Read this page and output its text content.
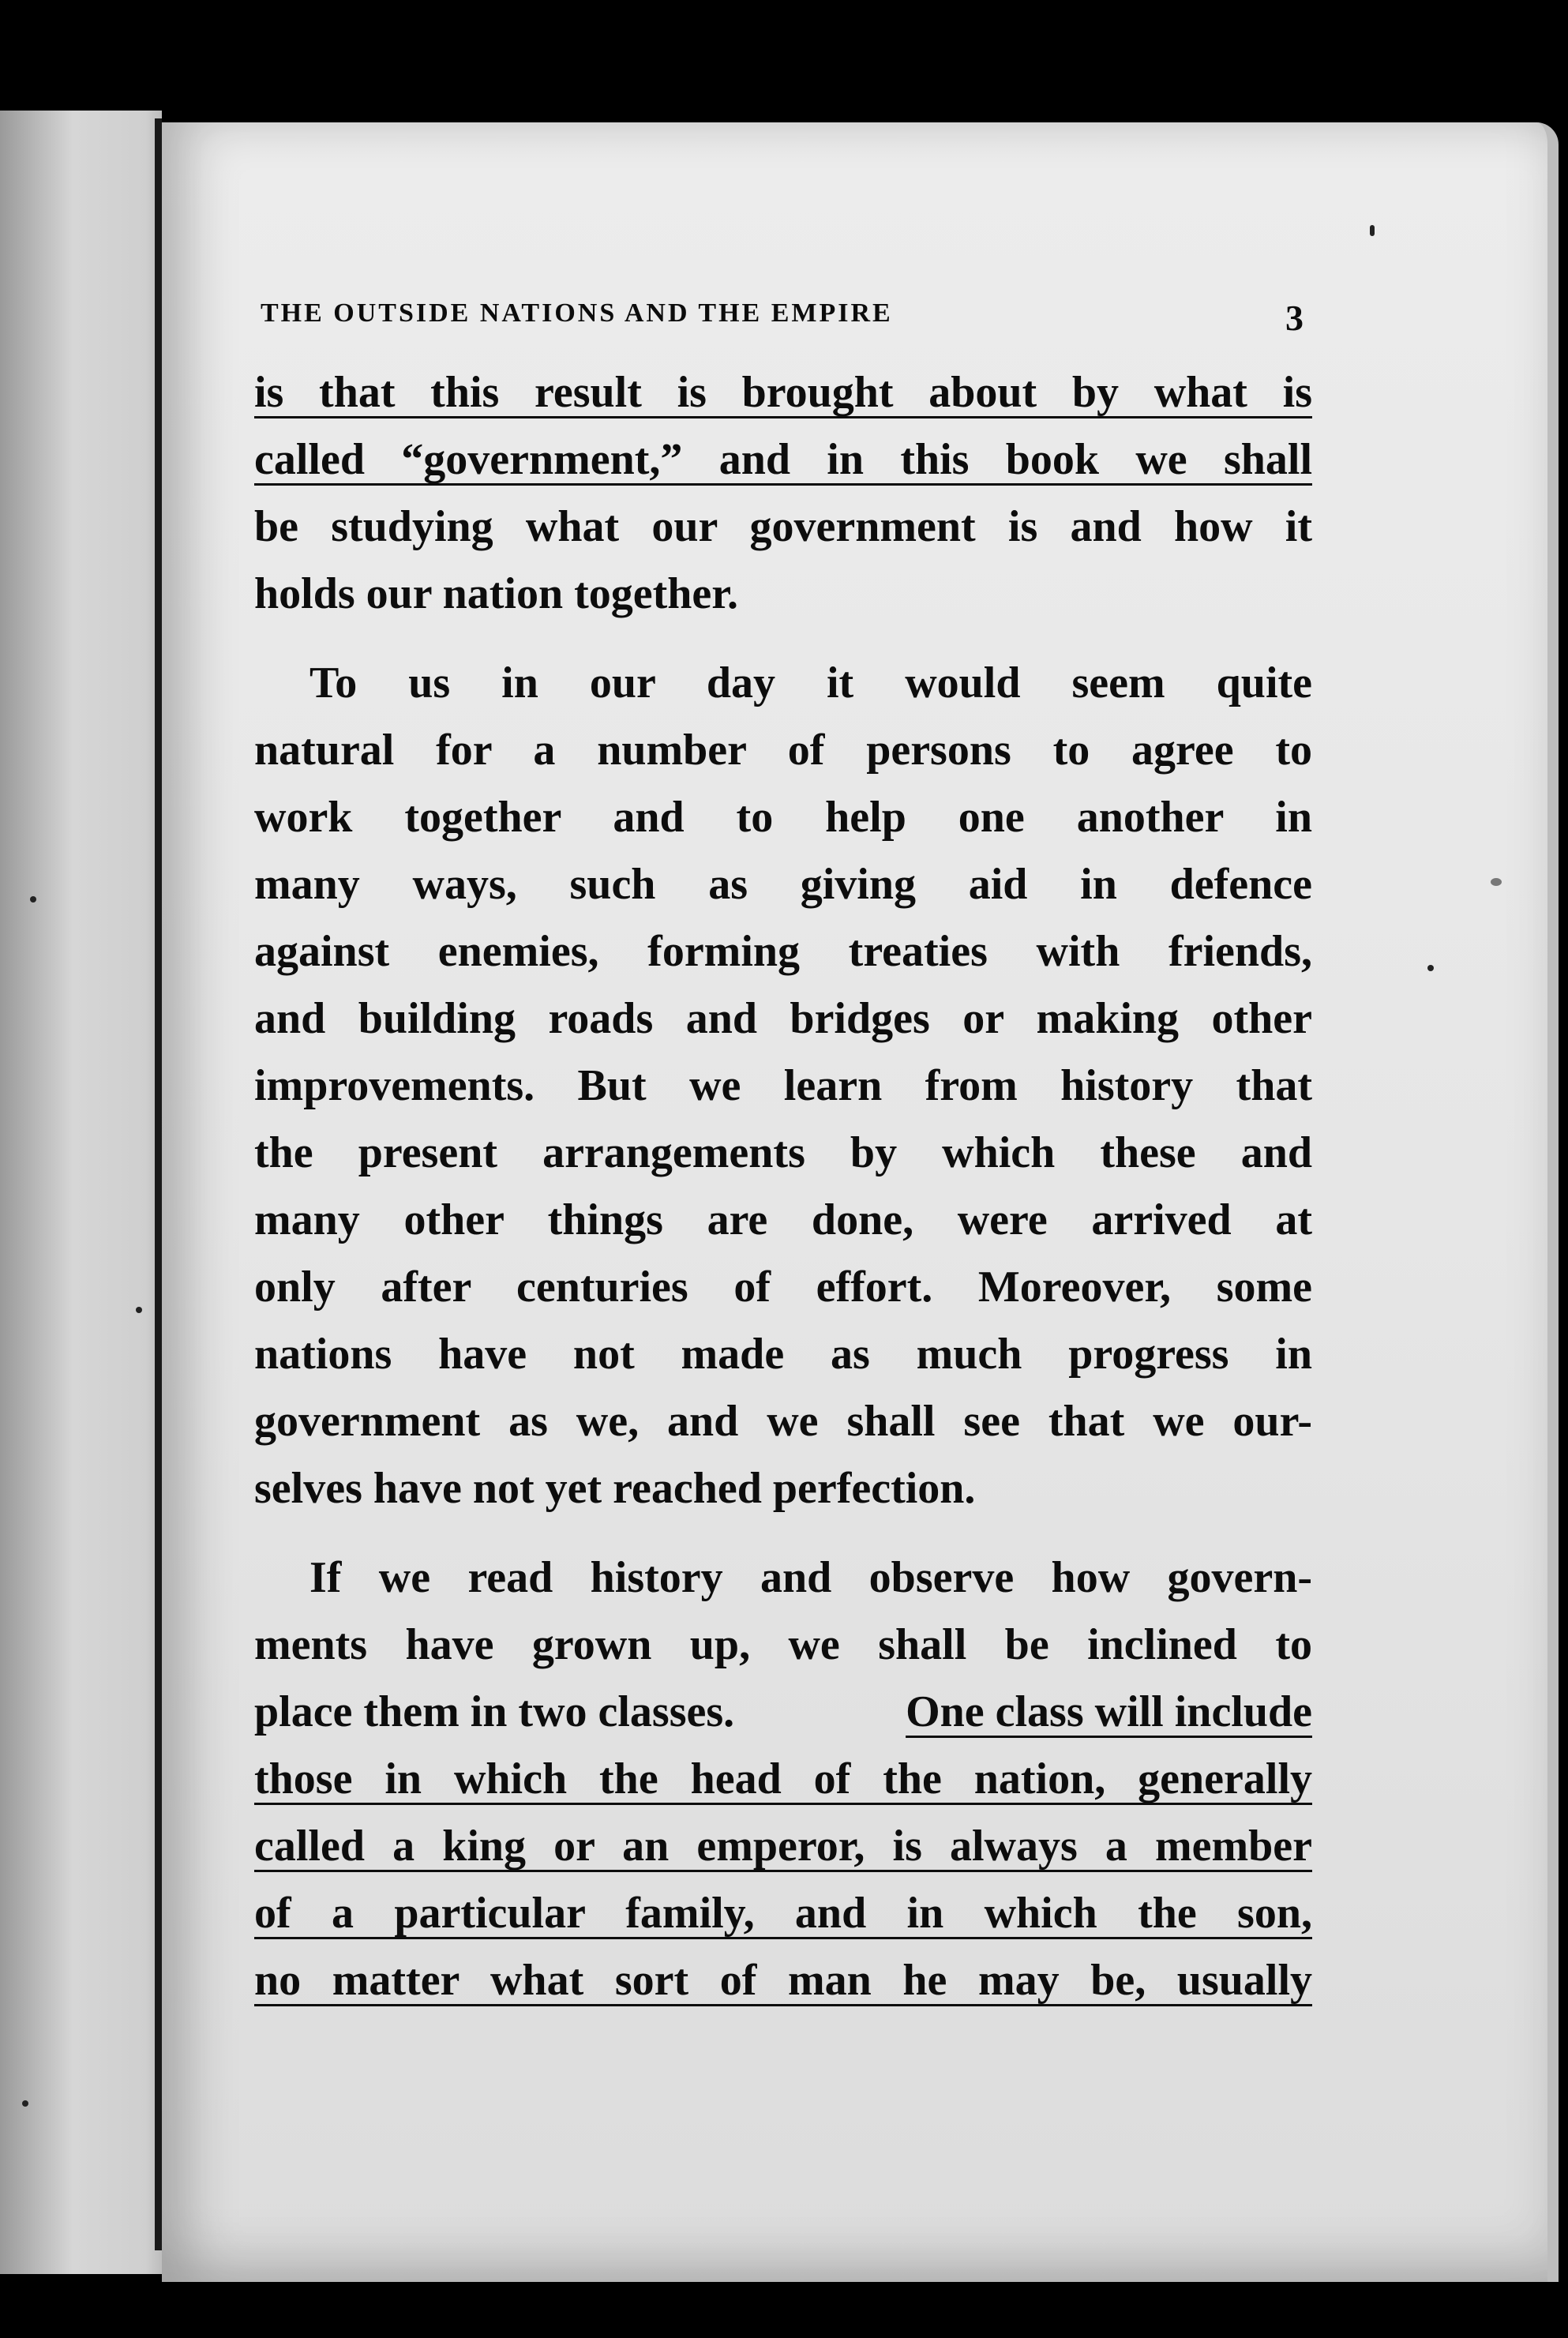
THE OUTSIDE NATIONS AND THE EMPIRE	3
is that this result is brought about by what is
called “government,” and in this book we shall
be studying what our government is and how it
holds our nation together.
To us in our day it would seem quite
natural for a number of persons to agree to
work together and to help one another in
many ways, such as giving aid in defence
against enemies, forming treaties with friends,
and building roads and bridges or making other
improvements. But we learn from history that
the present arrangements by which these and
many other things are done, were arrived at
only after centuries of effort. Moreover, some
nations have not made as much progress in
government as we, and we shall see that we our-
selves have not yet reached perfection.
If we read history and observe how govern-
ments have grown up, we shall be inclined to
place them in two classes.	One class will include
those in which the head of the nation, generally
called a king or an emperor, is always a member
of a particular family, and in which the son,
no matter what sort of man he may be, usually
